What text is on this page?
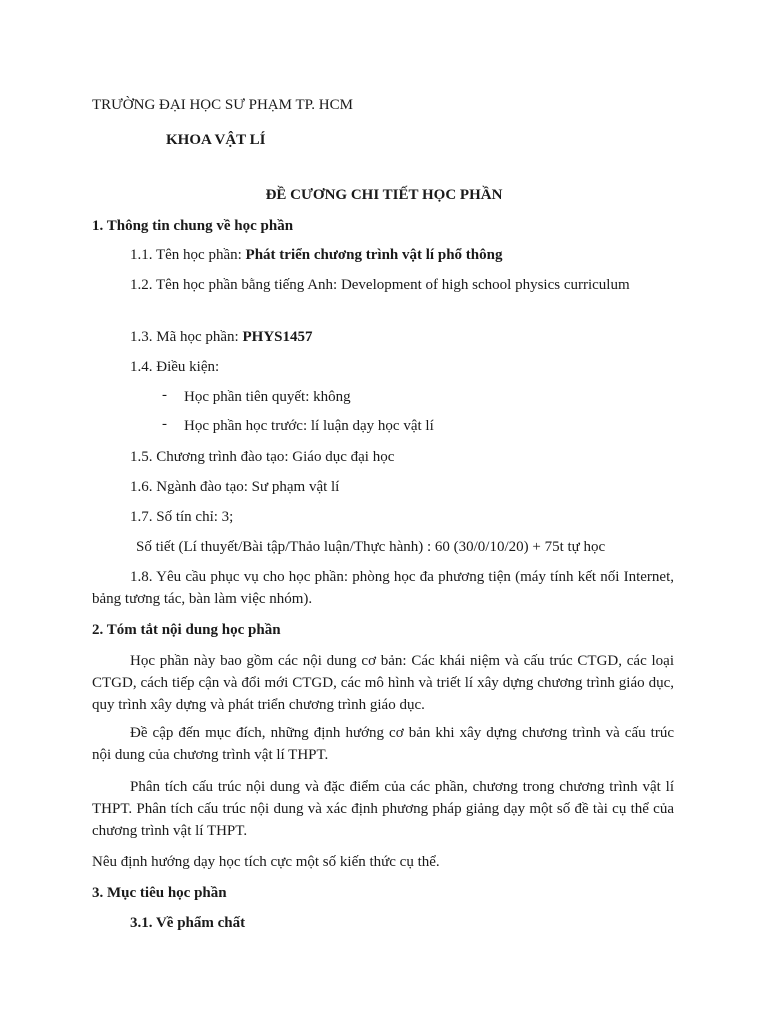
TRƯỜNG ĐẠI HỌC SƯ PHẠM TP. HCM
KHOA VẬT LÍ
ĐỀ CƯƠNG CHI TIẾT HỌC PHẦN
1. Thông tin chung về học phần
1.1. Tên học phần: Phát triển chương trình vật lí phổ thông
1.2. Tên học phần bằng tiếng Anh: Development of high school physics curriculum
1.3. Mã học phần: PHYS1457
1.4. Điều kiện:
- Học phần tiên quyết: không
- Học phần học trước: lí luận dạy học vật lí
1.5. Chương trình đào tạo: Giáo dục đại học
1.6. Ngành đào tạo: Sư phạm vật lí
1.7. Số tín chỉ: 3;
Số tiết (Lí thuyết/Bài tập/Thảo luận/Thực hành) : 60 (30/0/10/20) + 75t tự học
1.8. Yêu cầu phục vụ cho học phần: phòng học đa phương tiện (máy tính kết nối Internet, bảng tương tác, bàn làm việc nhóm).
2. Tóm tắt nội dung học phần
Học phần này bao gồm các nội dung cơ bản: Các khái niệm và cấu trúc CTGD, các loại CTGD, cách tiếp cận và đổi mới CTGD, các mô hình và triết lí xây dựng chương trình giáo dục, quy trình xây dựng và phát triển chương trình giáo dục.
Đề cập đến mục đích, những định hướng cơ bản khi xây dựng chương trình và cấu trúc nội dung của chương trình vật lí THPT.
Phân tích cấu trúc nội dung và đặc điểm của các phần, chương trong chương trình vật lí THPT. Phân tích cấu trúc nội dung và xác định phương pháp giảng dạy một số đề tài cụ thể của chương trình vật lí THPT.
Nêu định hướng dạy học tích cực một số kiến thức cụ thể.
3. Mục tiêu học phần
3.1. Về phẩm chất
